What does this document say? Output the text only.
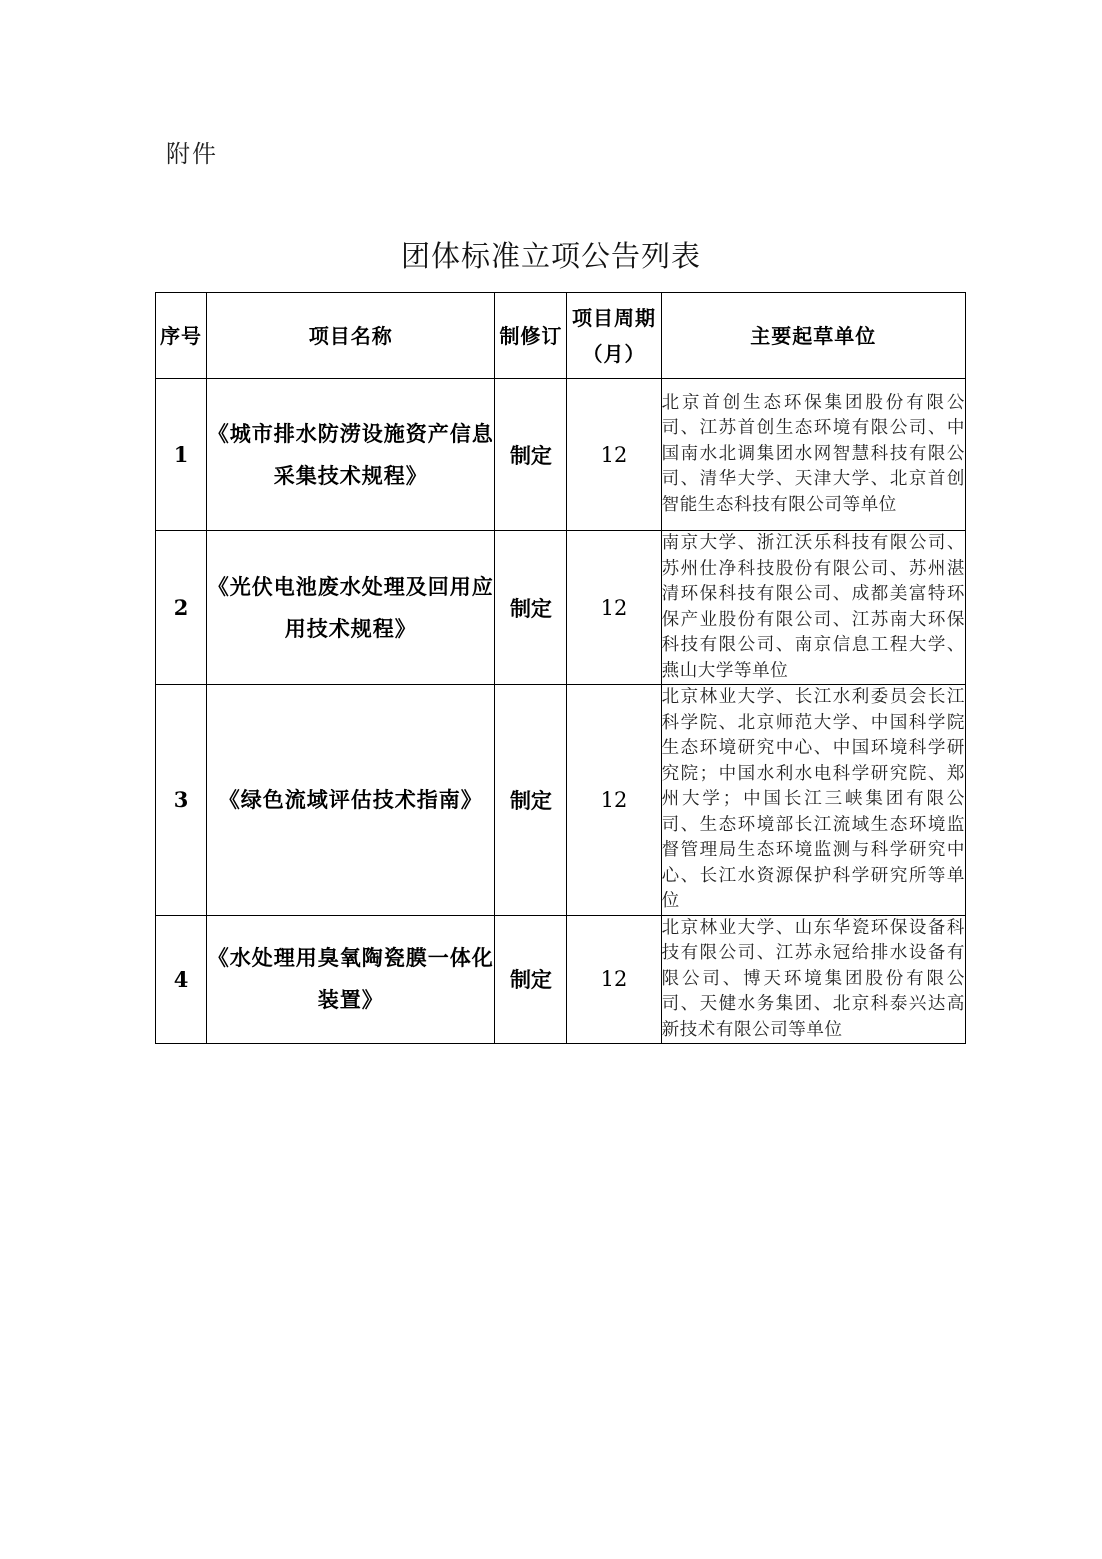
附件
团体标准立项公告列表
序号	项目名称	制修订	项目周期（月）	主要起草单位
1	《城市排水防涝设施资产信息采集技术规程》	制定	12	北京首创生态环保集团股份有限公司、江苏首创生态环境有限公司、中国南水北调集团水网智慧科技有限公司、清华大学、天津大学、北京首创智能生态科技有限公司等单位
2	《光伏电池废水处理及回用应用技术规程》	制定	12	南京大学、浙江沃乐科技有限公司、苏州仕净科技股份有限公司、苏州湛清环保科技有限公司、成都美富特环保产业股份有限公司、江苏南大环保科技有限公司、南京信息工程大学、燕山大学等单位
3	《绿色流域评估技术指南》	制定	12	北京林业大学、长江水利委员会长江科学院、北京师范大学、中国科学院生态环境研究中心、中国环境科学研究院；中国水利水电科学研究院、郑州大学；中国长江三峡集团有限公司、生态环境部长江流域生态环境监督管理局生态环境监测与科学研究中心、长江水资源保护科学研究所等单位
4	《水处理用臭氧陶瓷膜一体化装置》	制定	12	北京林业大学、山东华瓷环保设备科技有限公司、江苏永冠给排水设备有限公司、博天环境集团股份有限公司、天健水务集团、北京科泰兴达高新技术有限公司等单位
